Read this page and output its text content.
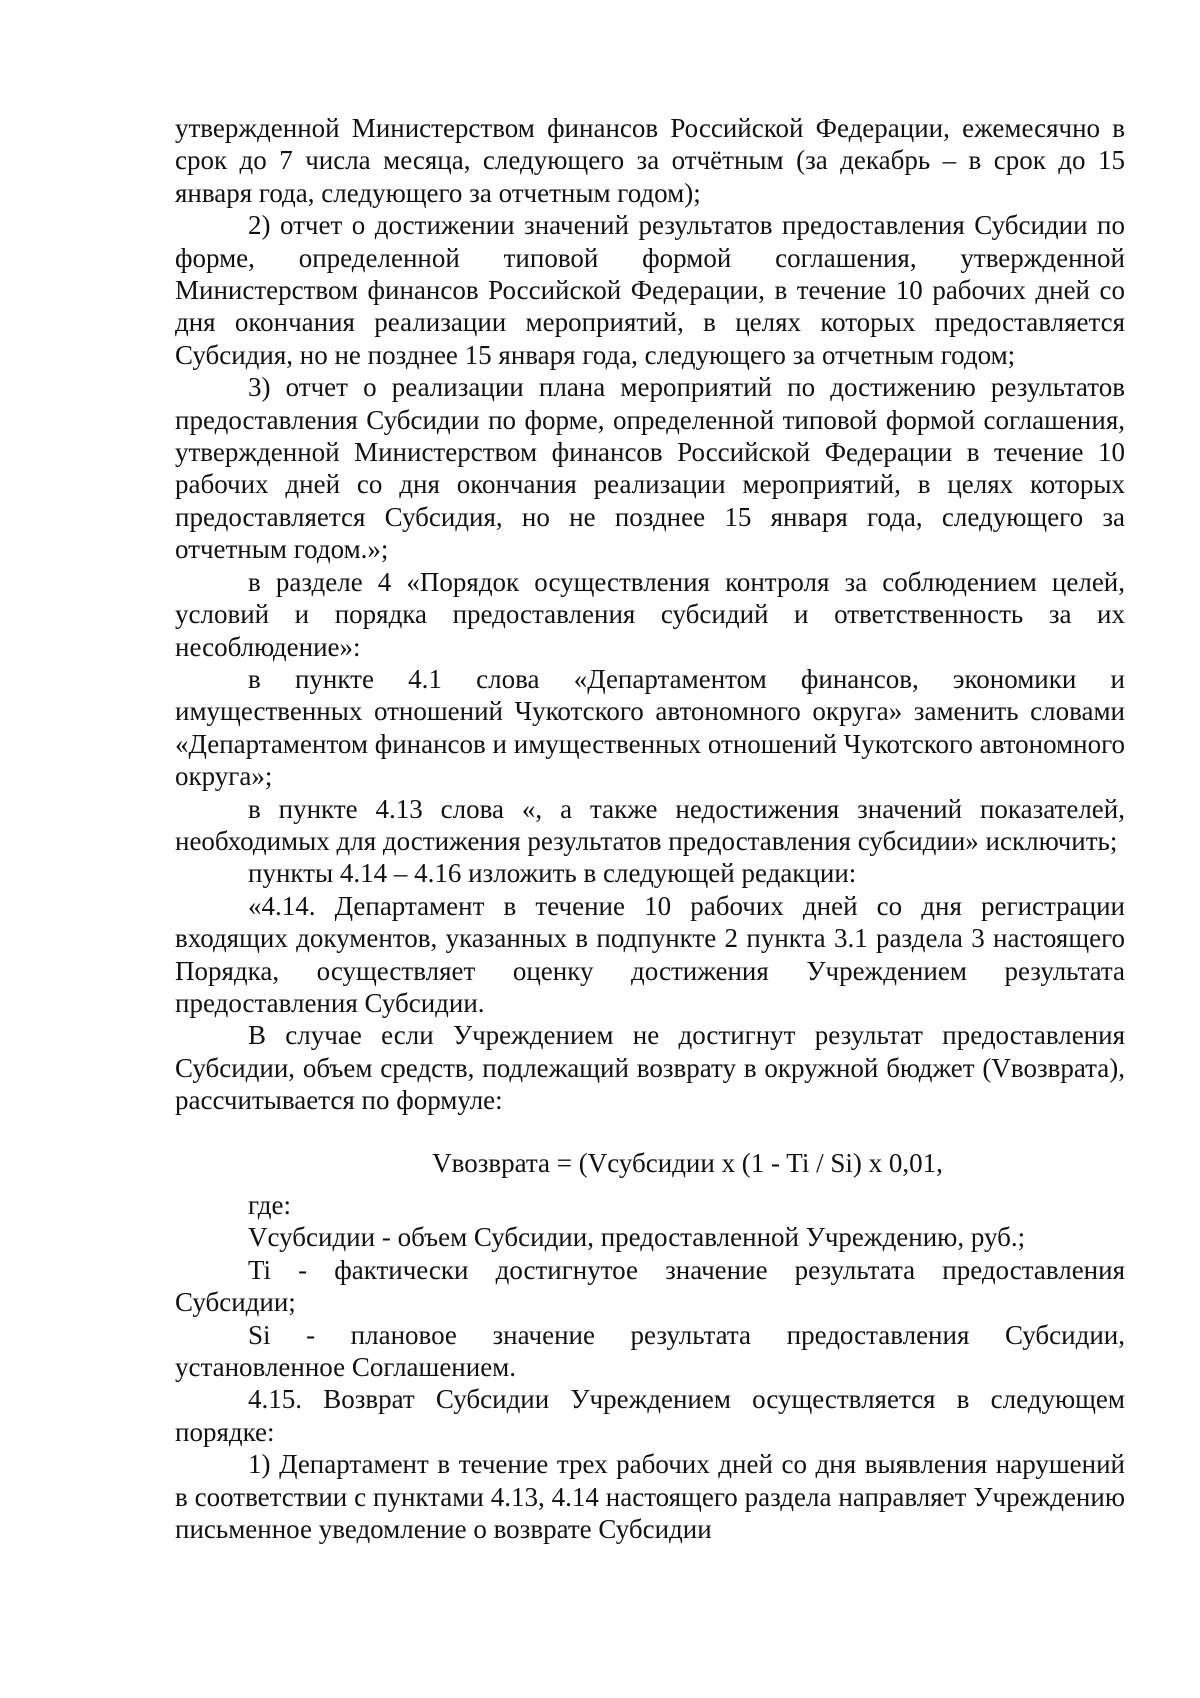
утвержденной Министерством финансов Российской Федерации, ежемесячно в срок до 7 числа месяца, следующего за отчётным (за декабрь – в срок до 15 января года, следующего за отчетным годом);

2) отчет о достижении значений результатов предоставления Субсидии по форме, определенной типовой формой соглашения, утвержденной Министерством финансов Российской Федерации, в течение 10 рабочих дней со дня окончания реализации мероприятий, в целях которых предоставляется Субсидия, но не позднее 15 января года, следующего за отчетным годом;

3) отчет о реализации плана мероприятий по достижению результатов предоставления Субсидии по форме, определенной типовой формой соглашения, утвержденной Министерством финансов Российской Федерации в течение 10 рабочих дней со дня окончания реализации мероприятий, в целях которых предоставляется Субсидия, но не позднее 15 января года, следующего за отчетным годом.»;

в разделе 4 «Порядок осуществления контроля за соблюдением целей, условий и порядка предоставления субсидий и ответственность за их несоблюдение»:

в пункте 4.1 слова «Департаментом финансов, экономики и имущественных отношений Чукотского автономного округа» заменить словами «Департаментом финансов и имущественных отношений Чукотского автономного округа»;

в пункте 4.13 слова «, а также недостижения значений показателей, необходимых для достижения результатов предоставления субсидии» исключить;

пункты 4.14 – 4.16 изложить в следующей редакции:

«4.14. Департамент в течение 10 рабочих дней со дня регистрации входящих документов, указанных в подпункте 2 пункта 3.1 раздела 3 настоящего Порядка, осуществляет оценку достижения Учреждением результата предоставления Субсидии.

В случае если Учреждением не достигнут результат предоставления Субсидии, объем средств, подлежащий возврату в окружной бюджет (Vвозврата), рассчитывается по формуле:

Vвозврата = (Vсубсидии x (1 - Ti / Si) x 0,01,

где:

Vсубсидии - объем Субсидии, предоставленной Учреждению, руб.;

Ti - фактически достигнутое значение результата предоставления Субсидии;

Si - плановое значение результата предоставления Субсидии, установленное Соглашением.

4.15. Возврат Субсидии Учреждением осуществляется в следующем порядке:

1) Департамент в течение трех рабочих дней со дня выявления нарушений в соответствии с пунктами 4.13, 4.14 настоящего раздела направляет Учреждению письменное уведомление о возврате Субсидии
